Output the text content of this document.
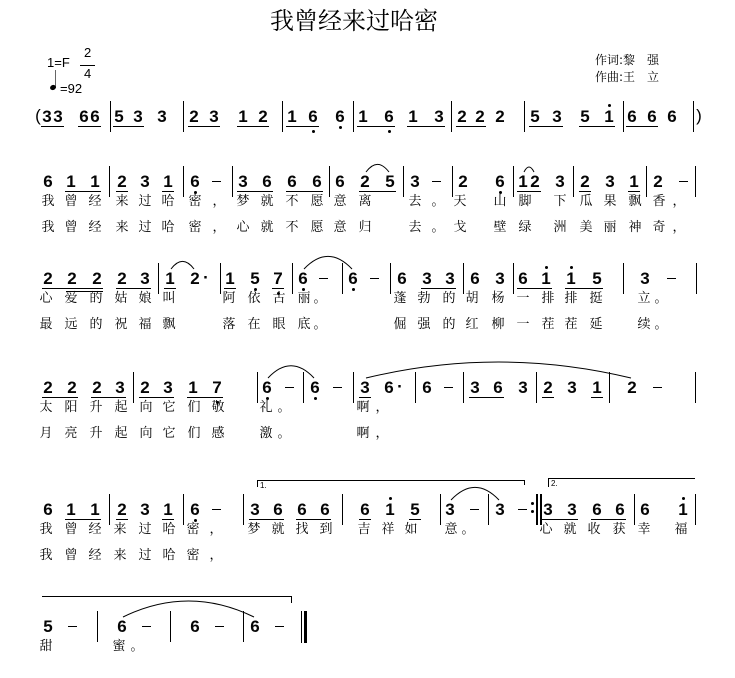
我曾经来过哈密
1=F
2
4
=92
作词:黎　强
作曲:王　立
( 3 3 6 6 5 3 3 2 3 1 2 1 6 6 1 6 1 3 2 2 2 5 3 5 1 6 6 6 )
6 1 1 2 3 1 6 3 6 6 6 6 2 5 3 2 6 1 2 3 2 3 1 2
我 曾 经 来 过 哈 密 ， 梦 就 不 愿 意 离	去 。 天 山 脚 下 瓜 果 飘 香 ，
我 曾 经 来 过 哈 密 ， 心 就 不 愿 意 归	去 。 戈 壁 绿 洲 美 丽 神 奇 ，
2 2 2 2 3 1 2 · 1 5 7 6 6 6 3 3 6 3 6 1 1 5 3
心 爱 的 姑 娘 叫	阿 依 古 丽 。	蓬 勃 的 胡 杨 一 排 排 挺	立 。
最 远 的 祝 福 飘	落 在 眼 底 。	倔 强 的 红 柳 一 茬 茬 延	续 。
2 2 2 3 2 3 1 7 6 6 3 6 · 6 3 6 3 2 3 1 2
太 阳 升 起 向 它 们 敬	礼 。	啊 ，
月 亮 升 起 向 它 们 感	激 。	啊 ，
6 1 1 2 3 1 6	3 6 6 6 6 1 5 3 3 3 3 6 6 6 1
我 曾 经 来 过 哈 密 ， 梦 就 找 到 吉 祥 如 意 。	心 就 收 获 幸 福
我 曾 经 来 过 哈 密 ，
1.	2.
5	6	6	6
甜	蜜 。
